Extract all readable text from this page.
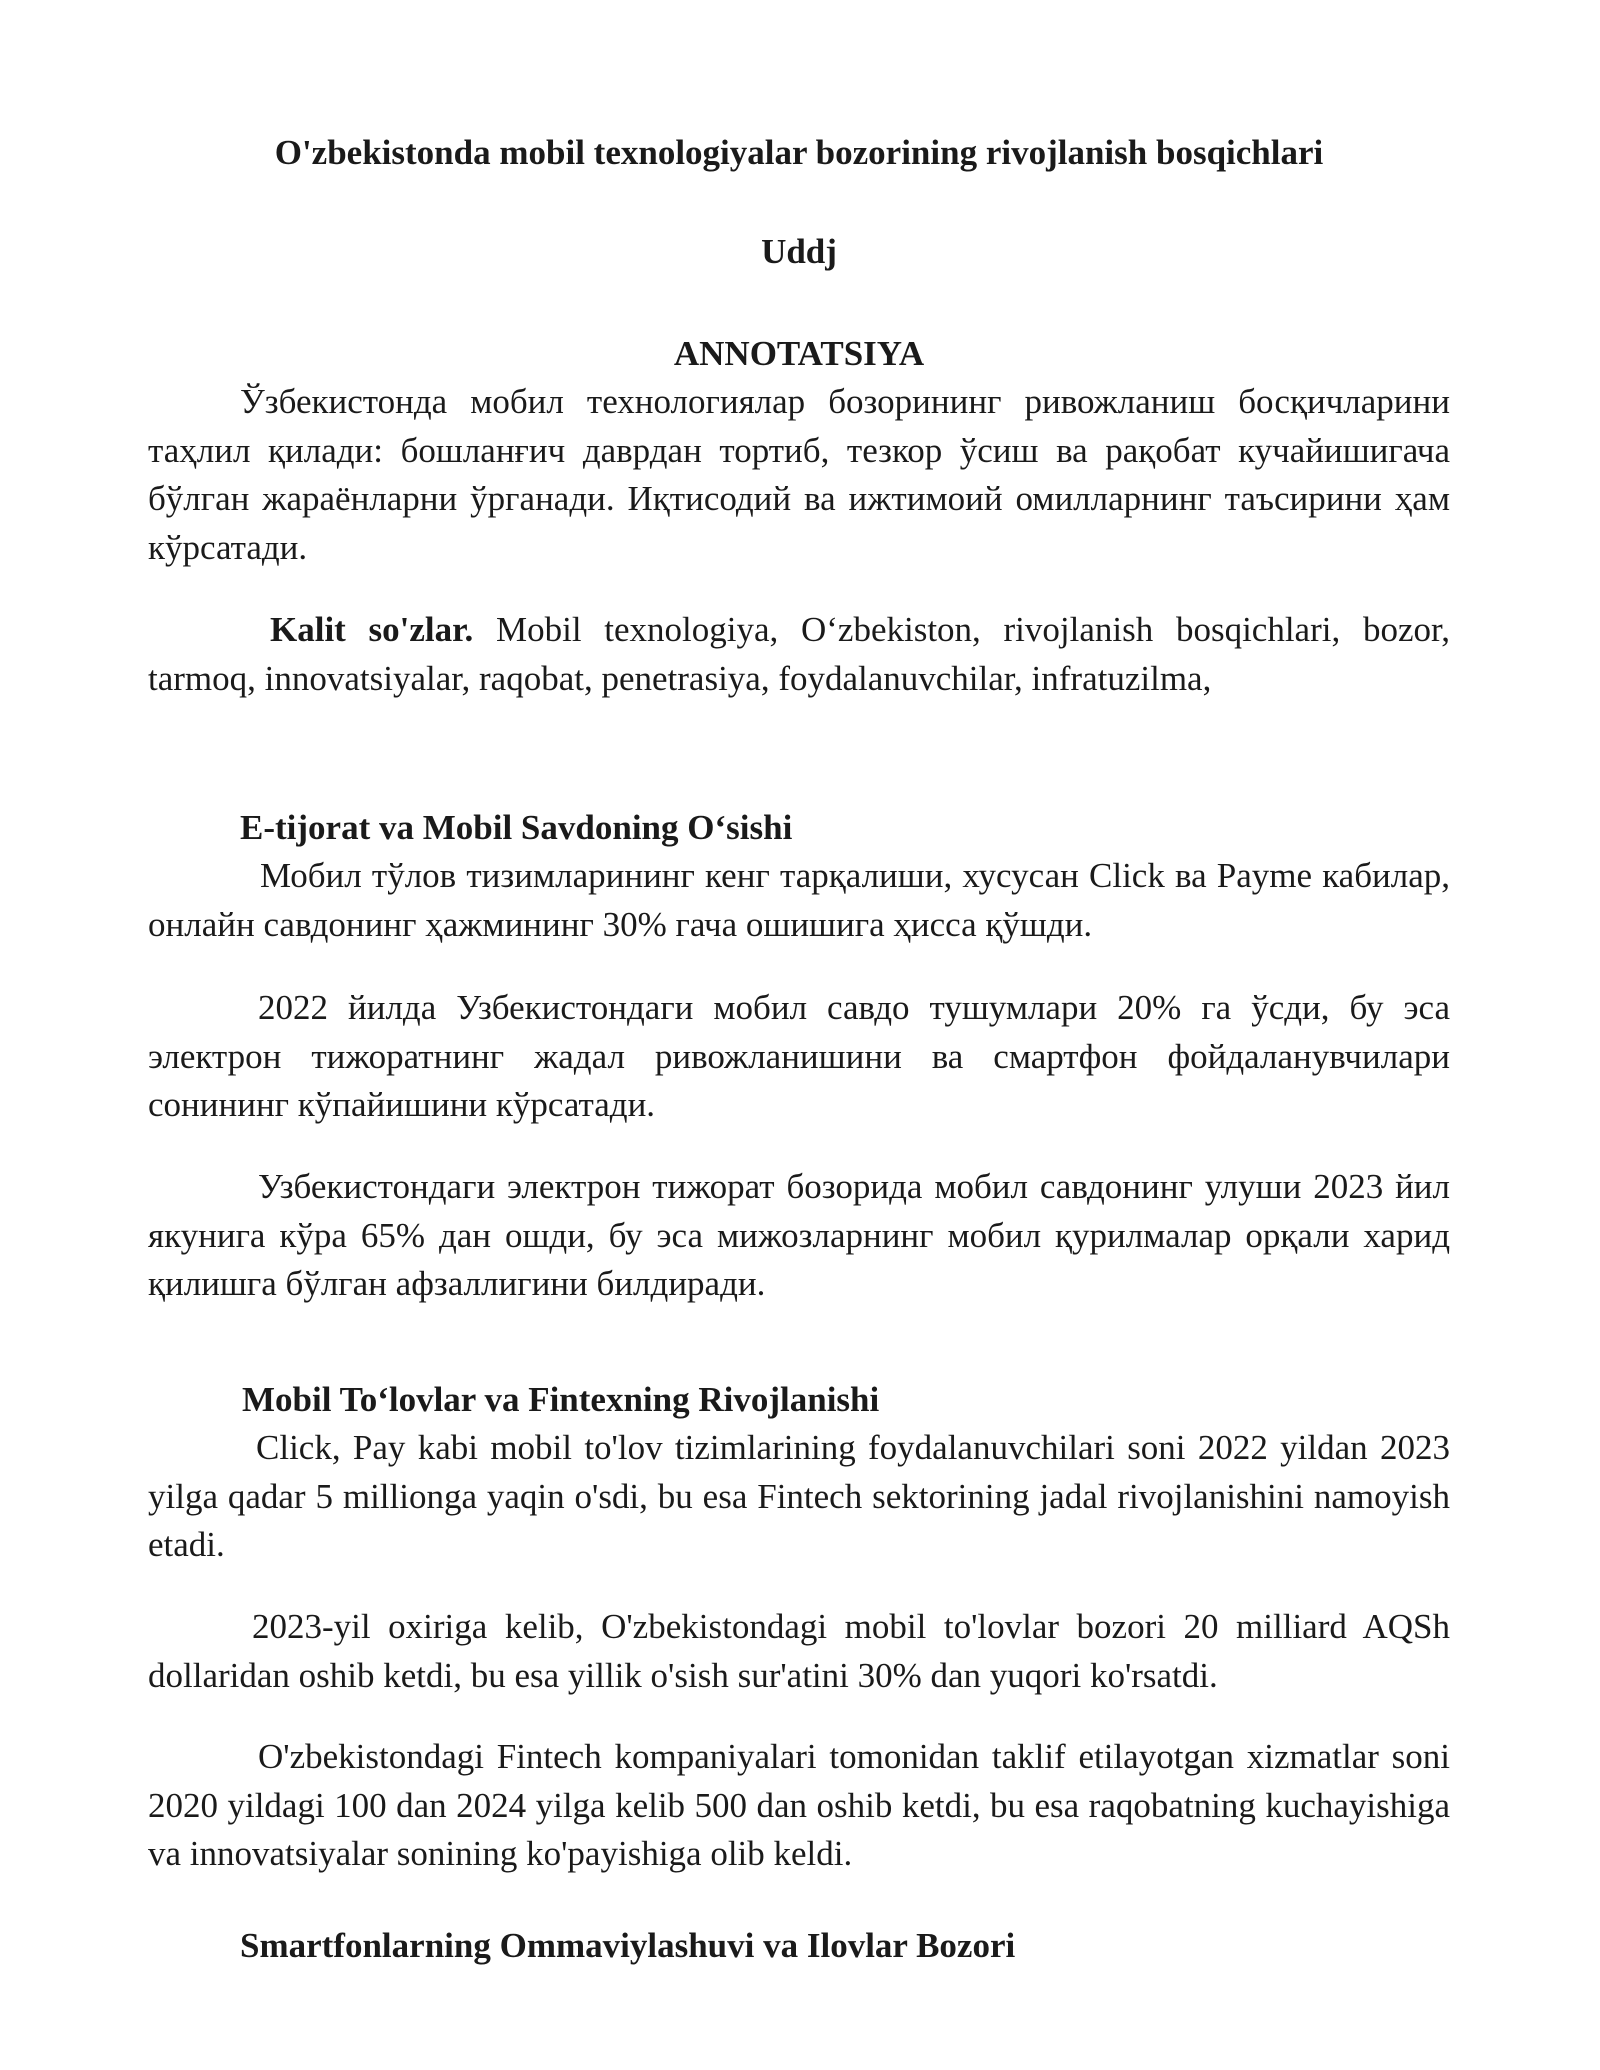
O'zbekistonda mobil texnologiyalar bozorining rivojlanish bosqichlari
Uddj
ANNOTATSIYA

Ўзбекистонда мобил технологиялар бозорининг ривожланиш босқичларини таҳлил қилади: бошланғич даврдан тортиб, тезкор ўсиш ва рақобат кучайишигача бўлган жараёнларни ўрганади. Иқтисодий ва ижтимоий омилларнинг таъсирини ҳам кўрсатади.

Kalit so'zlar. Mobil texnologiya, O‘zbekiston, rivojlanish bosqichlari, bozor, tarmoq, innovatsiyalar, raqobat, penetrasiya, foydalanuvchilar, infratuzilma,

E-tijorat va Mobil Savdoning O‘sishi

Мобил тўлов тизимларининг кенг тарқалиши, хусусан Click ва Payme кабилар, онлайн савдонинг ҳажмининг 30% гача ошишига ҳисса қўшди.

2022 йилда Узбекистондаги мобил савдо тушумлари 20% га ўсди, бу эса электрон тижоратнинг жадал ривожланишини ва смартфон фойдаланувчилари сонининг кўпайишини кўрсатади.

Узбекистондаги электрон тижорат бозорида мобил савдонинг улуши 2023 йил якунига кўра 65% дан ошди, бу эса мижозларнинг мобил қурилмалар орқали харид қилишга бўлган афзаллигини билдиради.

Mobil To‘lovlar va Fintexning Rivojlanishi

Click, Pay kabi mobil to'lov tizimlarining foydalanuvchilari soni 2022 yildan 2023 yilga qadar 5 millionga yaqin o'sdi, bu esa Fintech sektorining jadal rivojlanishini namoyish etadi.

2023-yil oxiriga kelib, O'zbekistondagi mobil to'lovlar bozori 20 milliard AQSh dollaridan oshib ketdi, bu esa yillik o'sish sur'atini 30% dan yuqori ko'rsatdi.

O'zbekistondagi Fintech kompaniyalari tomonidan taklif etilayotgan xizmatlar soni 2020 yildagi 100 dan 2024 yilga kelib 500 dan oshib ketdi, bu esa raqobatning kuchayishiga va innovatsiyalar sonining ko'payishiga olib keldi.

Smartfonlarning Ommaviylashuvi va Ilovlar Bozori
